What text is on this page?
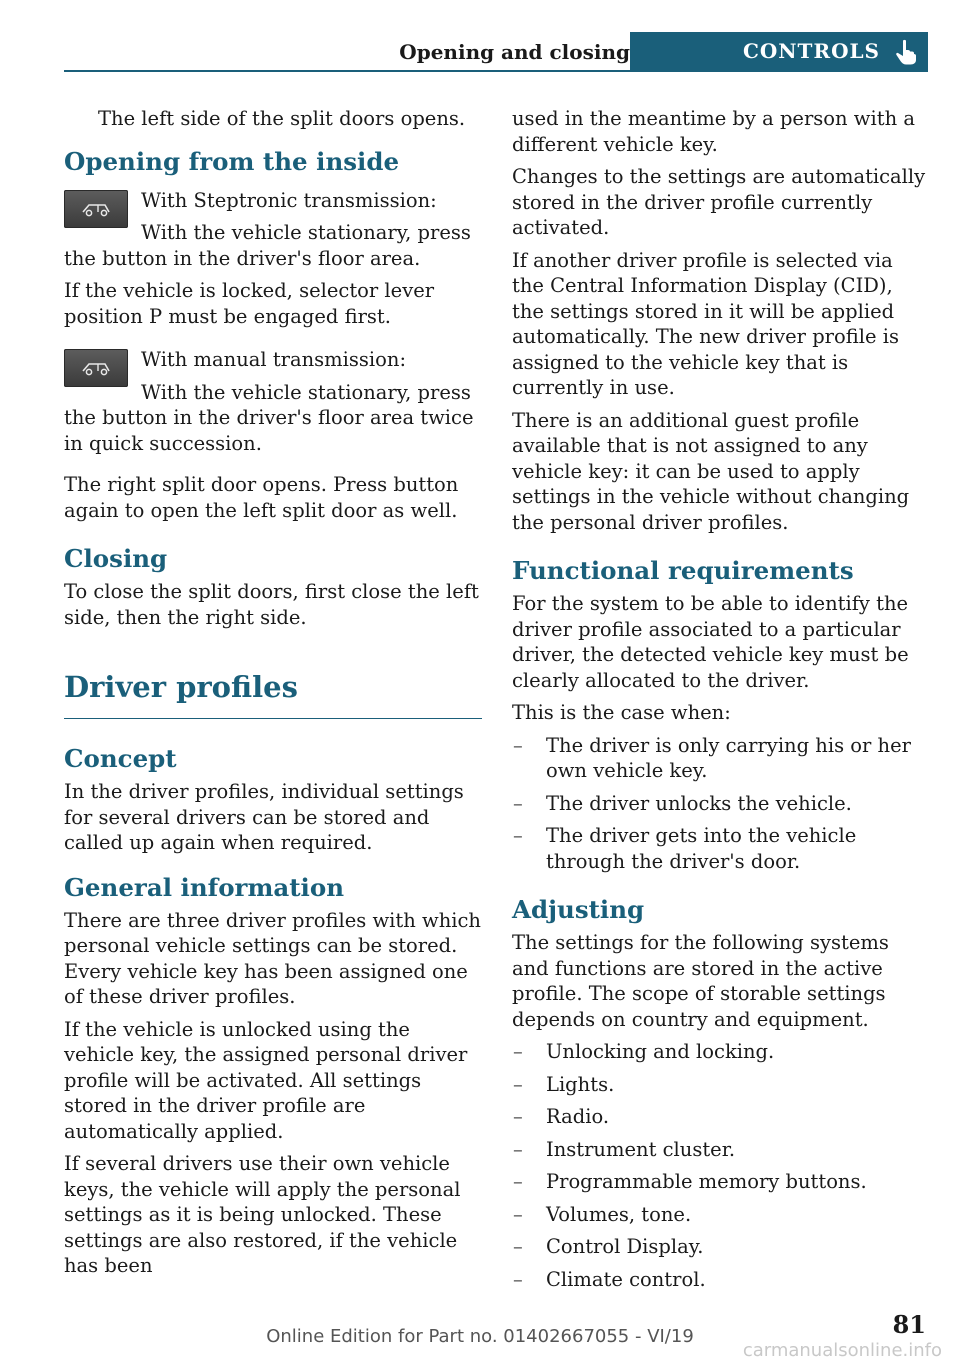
Opening and closing	CONTROLS

The left side of the split doors opens.

Opening from the inside

With Steptronic transmission:

With the vehicle stationary, press the button in the driver's floor area.

If the vehicle is locked, selector lever position P must be engaged first.

With manual transmission:

With the vehicle stationary, press the button in the driver's floor area twice in quick succession.

The right split door opens. Press button again to open the left split door as well.

Closing

To close the split doors, first close the left side, then the right side.

Driver profiles
Concept

In the driver profiles, individual settings for several drivers can be stored and called up again when required.

General information

There are three driver profiles with which personal vehicle settings can be stored. Every vehicle key has been assigned one of these driver profiles.

If the vehicle is unlocked using the vehicle key, the assigned personal driver profile will be activated. All settings stored in the driver profile are automatically applied.

If several drivers use their own vehicle keys, the vehicle will apply the personal settings as it is being unlocked. These settings are also restored, if the vehicle has been

used in the meantime by a person with a different vehicle key.

Changes to the settings are automatically stored in the driver profile currently activated.

If another driver profile is selected via the Central Information Display (CID), the settings stored in it will be applied automatically. The new driver profile is assigned to the vehicle key that is currently in use.

There is an additional guest profile available that is not assigned to any vehicle key: it can be used to apply settings in the vehicle without changing the personal driver profiles.

Functional requirements

For the system to be able to identify the driver profile associated to a particular driver, the detected vehicle key must be clearly allocated to the driver.

This is the case when:

– The driver is only carrying his or her own vehicle key.
– The driver unlocks the vehicle.
– The driver gets into the vehicle through the driver's door.
Adjusting

The settings for the following systems and functions are stored in the active profile. The scope of storable settings depends on country and equipment.

– Unlocking and locking.
– Lights.
– Radio.
– Instrument cluster.
– Programmable memory buttons.
– Volumes, tone.
– Control Display.
– Climate control.
81
Online Edition for Part no. 01402667055 - VI/19
carmanualsonline.info
